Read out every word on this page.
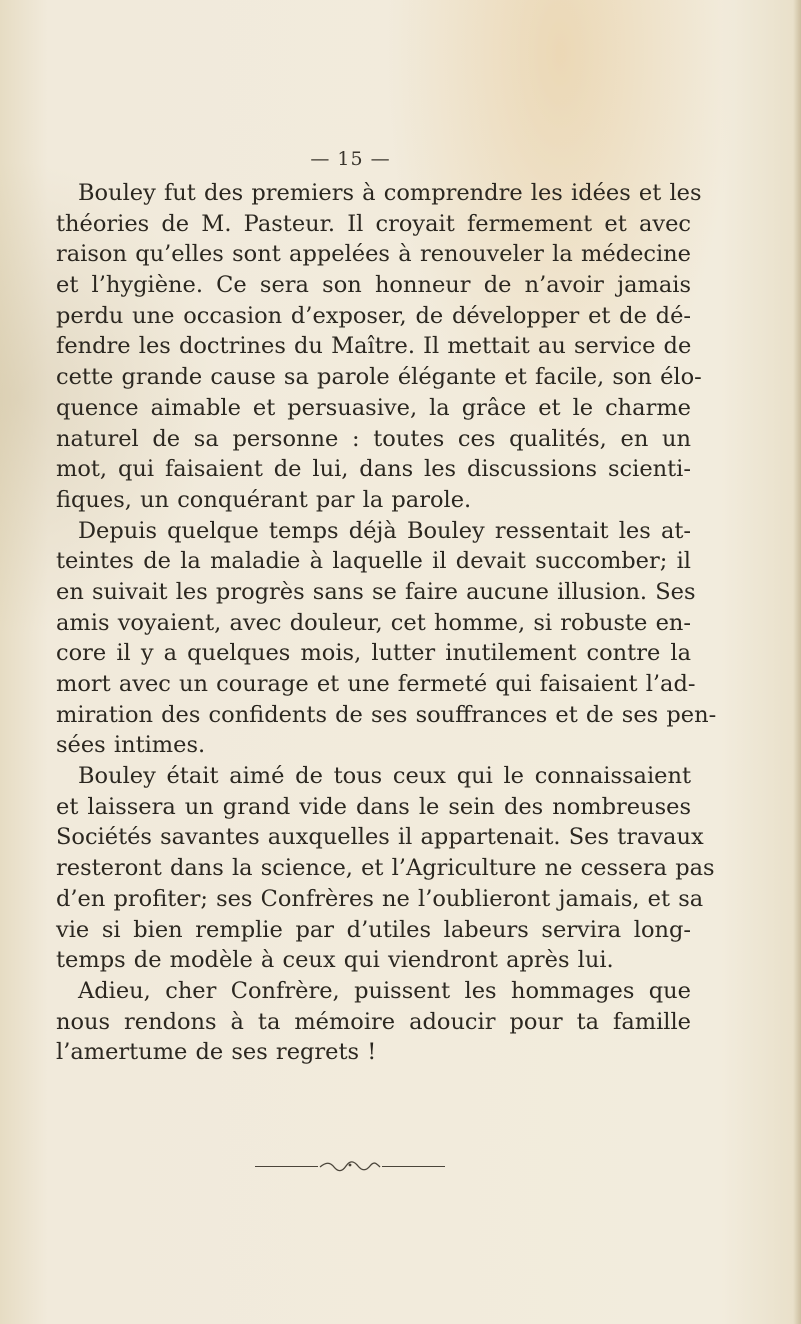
— 15 —
Bouley fut des premiers à comprendre les idées et les
théories de M. Pasteur. Il croyait fermement et avec
raison qu’elles sont appelées à renouveler la médecine
et l’hygiène. Ce sera son honneur de n’avoir jamais
perdu une occasion d’exposer, de développer et de dé-
fendre les doctrines du Maître. Il mettait au service de
cette grande cause sa parole élégante et facile, son élo-
quence aimable et persuasive, la grâce et le charme
naturel de sa personne : toutes ces qualités, en un
mot, qui faisaient de lui, dans les discussions scienti-
fiques, un conquérant par la parole.
Depuis quelque temps déjà Bouley ressentait les at-
teintes de la maladie à laquelle il devait succomber; il
en suivait les progrès sans se faire aucune illusion. Ses
amis voyaient, avec douleur, cet homme, si robuste en-
core il y a quelques mois, lutter inutilement contre la
mort avec un courage et une fermeté qui faisaient l’ad-
miration des confidents de ses souffrances et de ses pen-
sées intimes.
Bouley était aimé de tous ceux qui le connaissaient
et laissera un grand vide dans le sein des nombreuses
Sociétés savantes auxquelles il appartenait. Ses travaux
resteront dans la science, et l’Agriculture ne cessera pas
d’en profiter; ses Confrères ne l’oublieront jamais, et sa
vie si bien remplie par d’utiles labeurs servira long-
temps de modèle à ceux qui viendront après lui.
Adieu, cher Confrère, puissent les hommages que
nous rendons à ta mémoire adoucir pour ta famille
l’amertume de ses regrets !
